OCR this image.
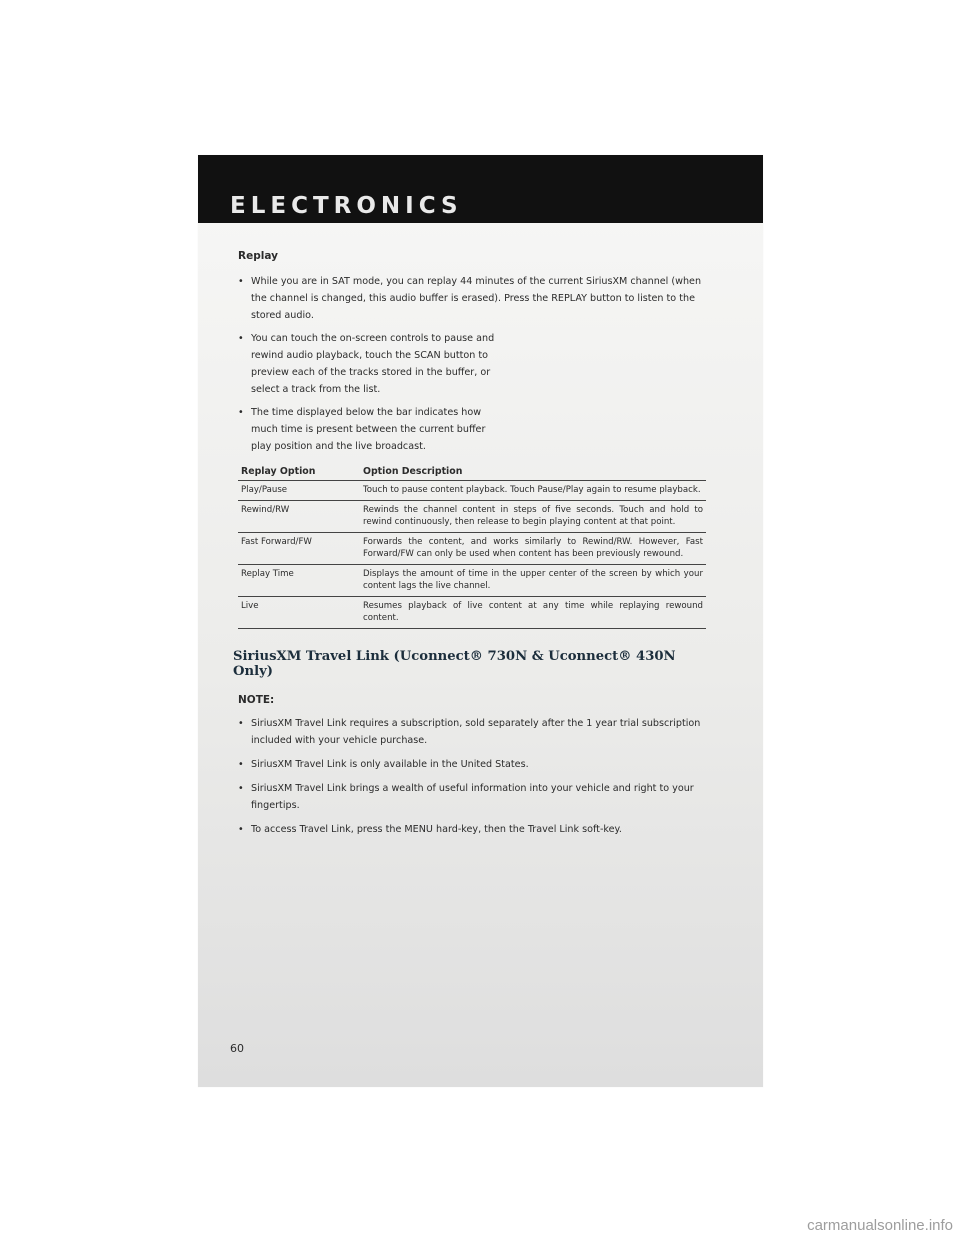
ELECTRONICS
Replay
• While you are in SAT mode, you can replay 44 minutes of the current SiriusXM channel (when the channel is changed, this audio buffer is erased). Press the REPLAY button to listen to the stored audio.
• You can touch the on-screen controls to pause and rewind audio playback, touch the SCAN button to preview each of the tracks stored in the buffer, or select a track from the list.
• The time displayed below the bar indicates how much time is present between the current buffer play position and the live broadcast.
Replay Option	Option Description
Play/Pause	Touch to pause content playback. Touch Pause/Play again to resume playback.
Rewind/RW	Rewinds the channel content in steps of five seconds. Touch and hold to rewind continuously, then release to begin playing content at that point.
Fast Forward/FW	Forwards the content, and works similarly to Rewind/RW. However, Fast Forward/FW can only be used when content has been previously rewound.
Replay Time	Displays the amount of time in the upper center of the screen by which your content lags the live channel.
Live	Resumes playback of live content at any time while replaying rewound content.
SiriusXM Travel Link (Uconnect® 730N & Uconnect® 430N Only)
NOTE:
• SiriusXM Travel Link requires a subscription, sold separately after the 1 year trial subscription included with your vehicle purchase.
• SiriusXM Travel Link is only available in the United States.
• SiriusXM Travel Link brings a wealth of useful information into your vehicle and right to your fingertips.
• To access Travel Link, press the MENU hard-key, then the Travel Link soft-key.
60
carmanualsonline.info
